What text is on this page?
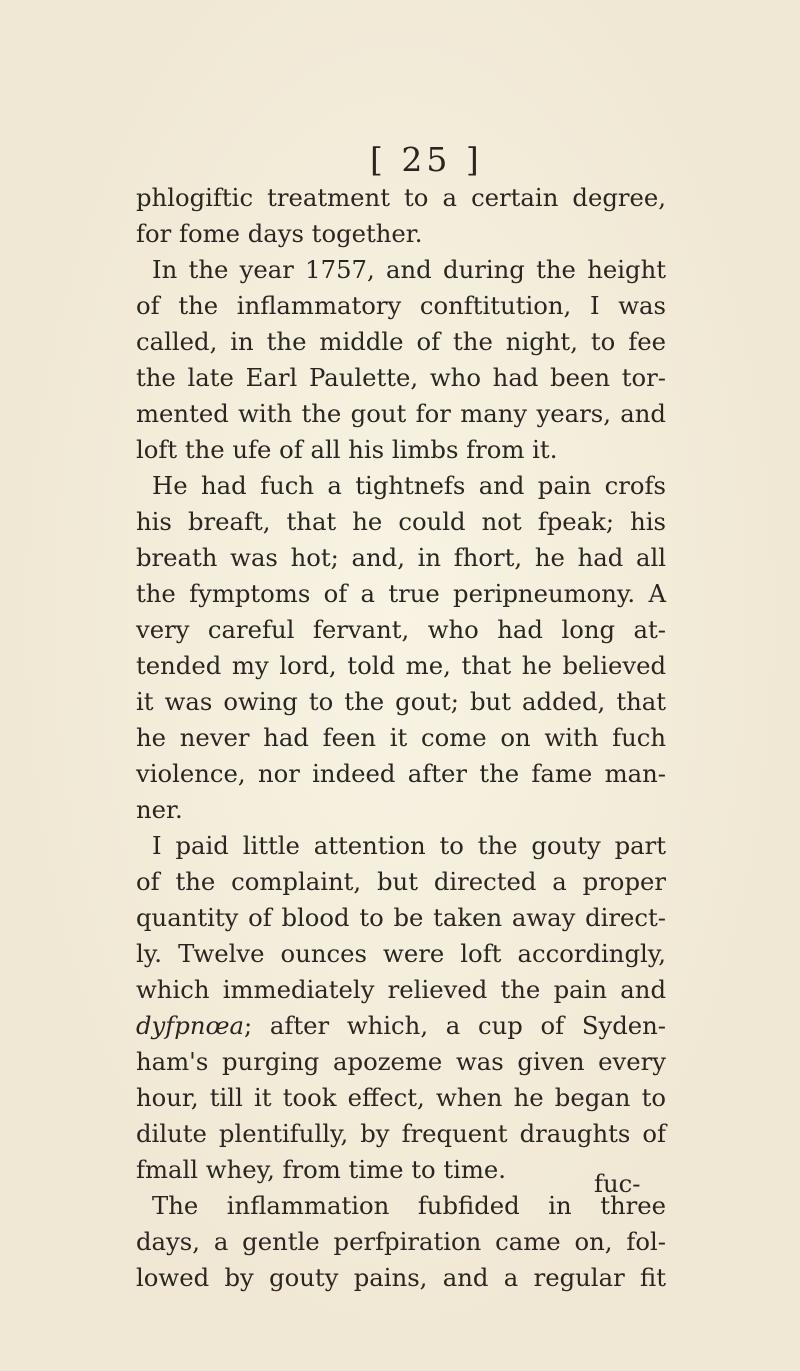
[ 25 ]
phlogiftic treatment to a certain degree,
for fome days together.
In the year 1757, and during the height
of the inflammatory conftitution, I was
called, in the middle of the night, to fee
the late Earl Paulette, who had been tor-
mented with the gout for many years, and
loft the ufe of all his limbs from it.
He had fuch a tightnefs and pain crofs
his breaft, that he could not fpeak; his
breath was hot; and, in fhort, he had all
the fymptoms of a true peripneumony. A
very careful fervant, who had long at-
tended my lord, told me, that he believed
it was owing to the gout; but added, that
he never had feen it come on with fuch
violence, nor indeed after the fame man-
ner.
I paid little attention to the gouty part
of the complaint, but directed a proper
quantity of blood to be taken away direct-
ly. Twelve ounces were loft accordingly,
which immediately relieved the pain and
dyfpnœa; after which, a cup of Syden-
ham's purging apozeme was given every
hour, till it took effect, when he began to
dilute plentifully, by frequent draughts of
fmall whey, from time to time.
The inflammation fubfided in three
days, a gentle perfpiration came on, fol-
lowed by gouty pains, and a regular fit
fuc-
